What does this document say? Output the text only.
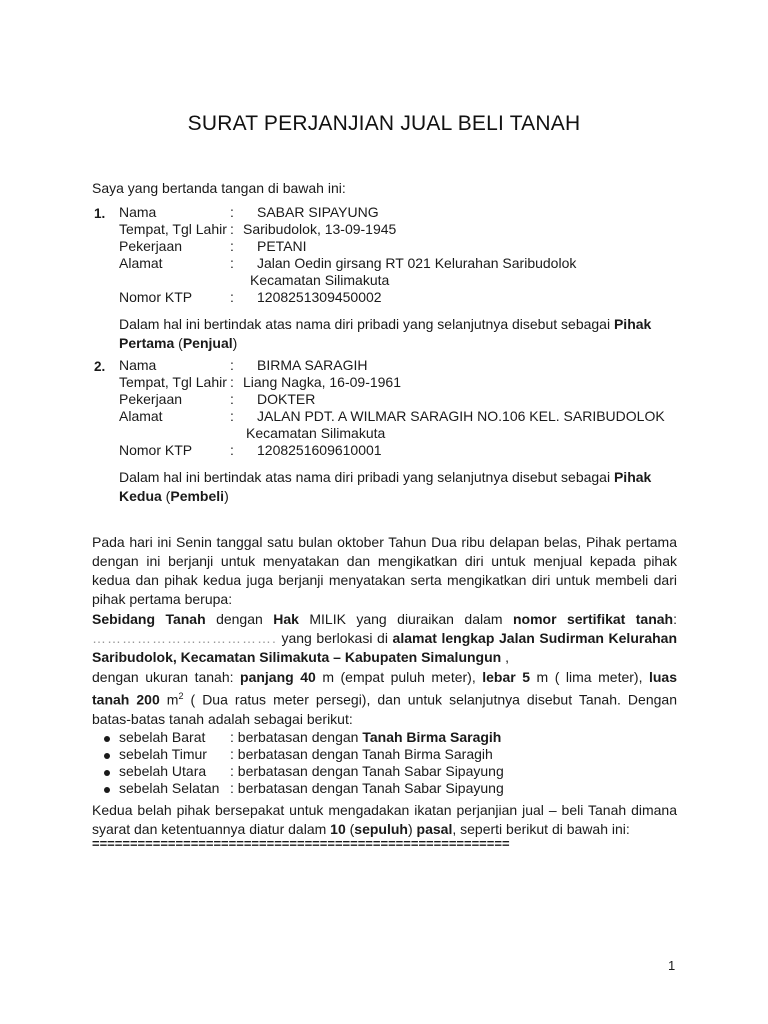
SURAT PERJANJIAN JUAL BELI TANAH
Saya yang bertanda tangan di bawah ini:
1. Nama	: SABAR SIPAYUNG
Tempat, Tgl Lahir : Saribudolok, 13-09-1945
Pekerjaan	: PETANI
Alamat	: Jalan Oedin girsang RT 021 Kelurahan Saribudolok
Kecamatan Silimakuta
Nomor KTP	: 1208251309450002
Dalam hal ini bertindak atas nama diri pribadi yang selanjutnya disebut sebagai Pihak
Pertama (Penjual)
2. Nama	: BIRMA SARAGIH
Tempat, Tgl Lahir : Liang Nagka, 16-09-1961
Pekerjaan	: DOKTER
Alamat	: JALAN PDT. A WILMAR SARAGIH NO.106 KEL. SARIBUDOLOK
Kecamatan Silimakuta
Nomor KTP	: 1208251609610001
Dalam hal ini bertindak atas nama diri pribadi yang selanjutnya disebut sebagai Pihak
Kedua (Pembeli)
Pada hari ini Senin tanggal satu bulan oktober Tahun Dua ribu delapan belas, Pihak pertama dengan ini berjanji untuk menyatakan dan mengikatkan diri untuk menjual kepada pihak kedua dan pihak kedua juga berjanji menyatakan serta mengikatkan diri untuk membeli dari pihak pertama berupa:
Sebidang Tanah dengan Hak MILIK yang diuraikan dalam nomor sertifikat tanah: ………………………………. yang berlokasi di alamat lengkap Jalan Sudirman Kelurahan Saribudolok, Kecamatan Silimakuta – Kabupaten Simalungun ,
dengan ukuran tanah: panjang 40 m (empat puluh meter), lebar 5 m ( lima meter), luas tanah 200 $m^2$ ( Dua ratus meter persegi), dan untuk selanjutnya disebut Tanah. Dengan batas-batas tanah adalah sebagai berikut:
sebelah Barat : berbatasan dengan Tanah Birma Saragih
sebelah Timur : berbatasan dengan Tanah Birma Saragih
sebelah Utara : berbatasan dengan Tanah Sabar Sipayung
sebelah Selatan : berbatasan dengan Tanah Sabar Sipayung
Kedua belah pihak bersepakat untuk mengadakan ikatan perjanjian jual – beli Tanah dimana syarat dan ketentuannya diatur dalam 10 (sepuluh) pasal, seperti berikut di bawah ini:
=======================================================
1
